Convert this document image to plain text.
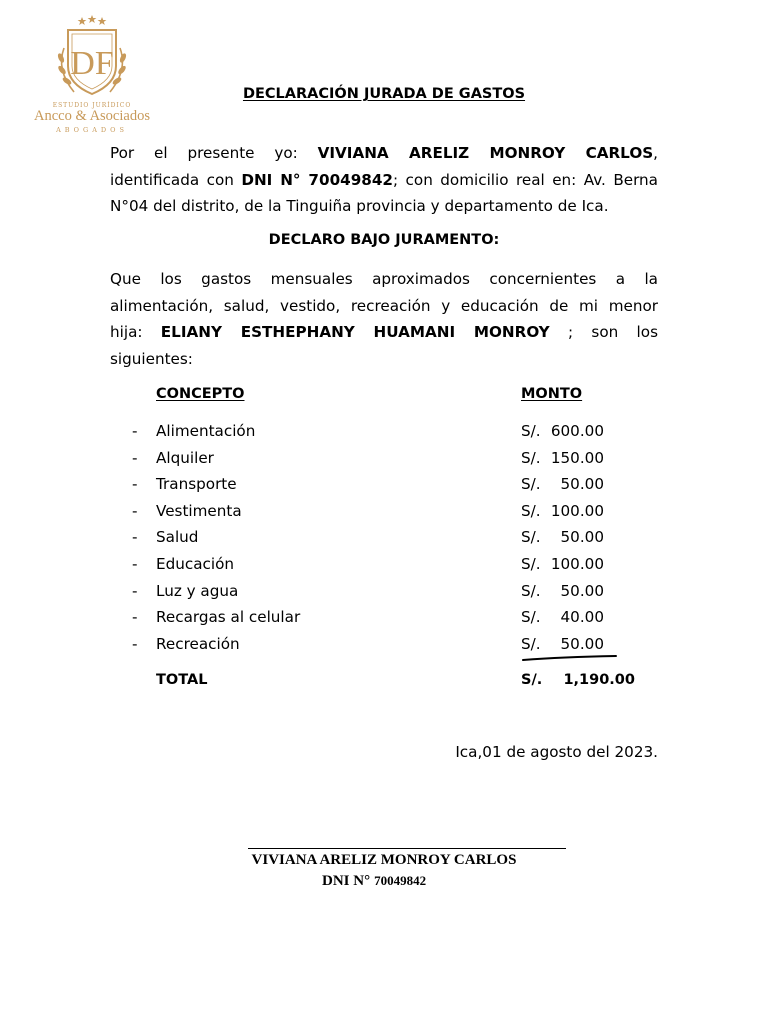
DF
ESTUDIO JURÍDICO
Ancco & Asociados
ABOGADOS
DECLARACIÓN JURADA DE GASTOS
Por el presente yo: VIVIANA ARELIZ MONROY CARLOS,
identificada con DNI N° 70049842; con domicilio real en: Av. Berna
N°04 del distrito, de la Tinguiña provincia y departamento de Ica.
DECLARO BAJO JURAMENTO:
Que los gastos mensuales aproximados concernientes a la
alimentación, salud, vestido, recreación y educación de mi menor
hija: ELIANY ESTHEPHANY HUAMANI MONROY ; son los
siguientes:
CONCEPTO	MONTO
- Alimentación	S/. 600.00
- Alquiler	S/. 150.00
- Transporte	S/.	50.00
- Vestimenta	S/. 100.00
- Salud	S/.	50.00
- Educación	S/. 100.00
- Luz y agua	S/.	50.00
- Recargas al celular	S/.	40.00
- Recreación	S/.	50.00
TOTAL	S/.	1,190.00
Ica,01 de agosto del 2023.
VIVIANA ARELIZ MONROY CARLOS
DNI N° 70049842
